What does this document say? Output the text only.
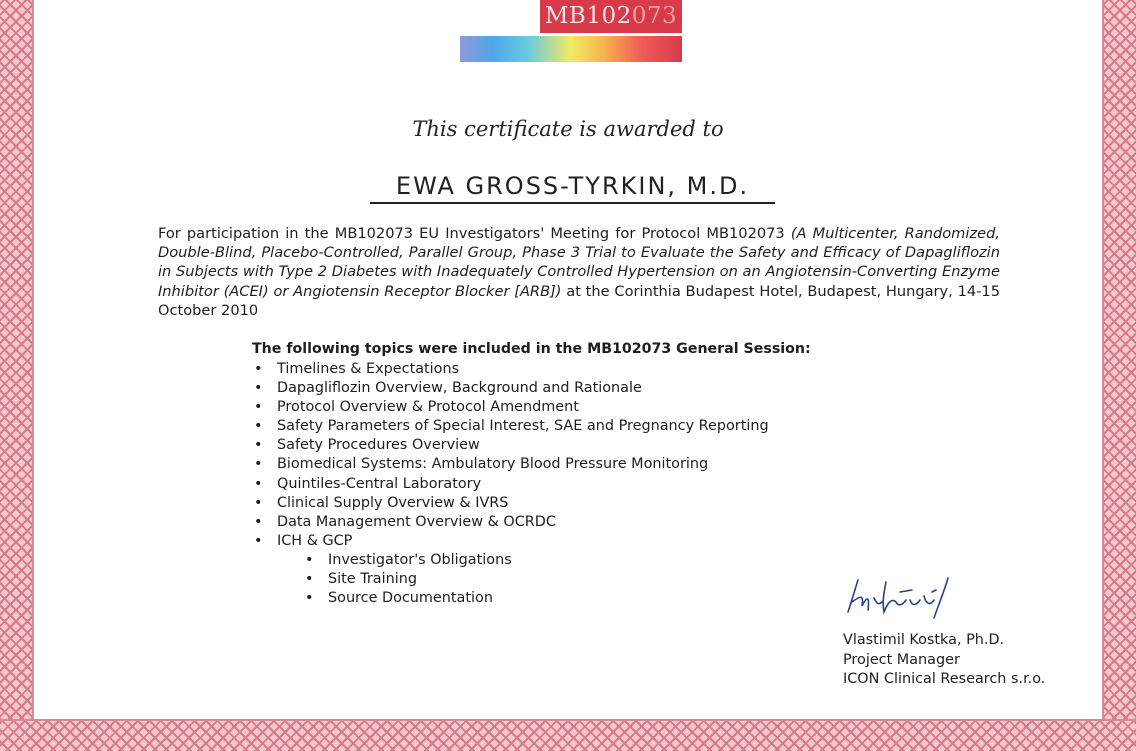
MB102073
This certificate is awarded to
EWA GROSS-TYRKIN, M.D.
For participation in the MB102073 EU Investigators' Meeting for Protocol MB102073 (A Multicenter, Randomized, Double-Blind, Placebo-Controlled, Parallel Group, Phase 3 Trial to Evaluate the Safety and Efficacy of Dapagliflozin in Subjects with Type 2 Diabetes with Inadequately Controlled Hypertension on an Angiotensin-Converting Enzyme Inhibitor (ACEI) or Angiotensin Receptor Blocker [ARB]) at the Corinthia Budapest Hotel, Budapest, Hungary, 14-15 October 2010
The following topics were included in the MB102073 General Session:
• Timelines & Expectations
• Dapagliflozin Overview, Background and Rationale
• Protocol Overview & Protocol Amendment
• Safety Parameters of Special Interest, SAE and Pregnancy Reporting
• Safety Procedures Overview
• Biomedical Systems: Ambulatory Blood Pressure Monitoring
• Quintiles-Central Laboratory
• Clinical Supply Overview & IVRS
• Data Management Overview & OCRDC
• ICH & GCP
• Investigator's Obligations
• Site Training
• Source Documentation
Vlastimil Kostka, Ph.D.
Project Manager
ICON Clinical Research s.r.o.
